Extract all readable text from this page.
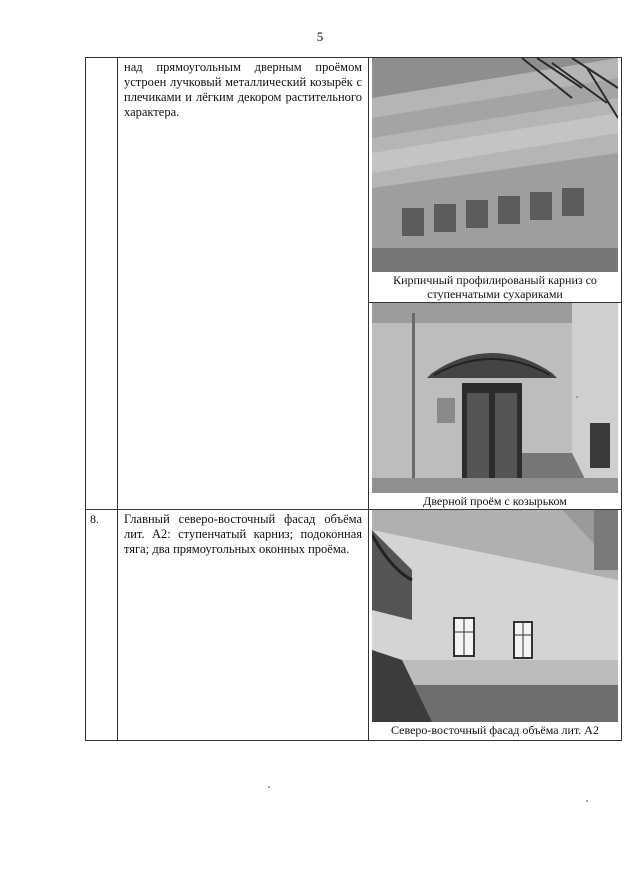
5
	над прямоугольным дверным проёмом устроен лучковый металлический козырёк с плечиками и лёгким декором растительного характера.	Кирпичный профилированый карниз со ступенчатыми сухариками
Дверной проём с козырьком

8.	Главный северо-восточный фасад объёма лит. А2: ступенчатый карниз; подоконная тяга; два прямоугольных оконных проёма.	Северо-восточный фасад объёма лит. А2
